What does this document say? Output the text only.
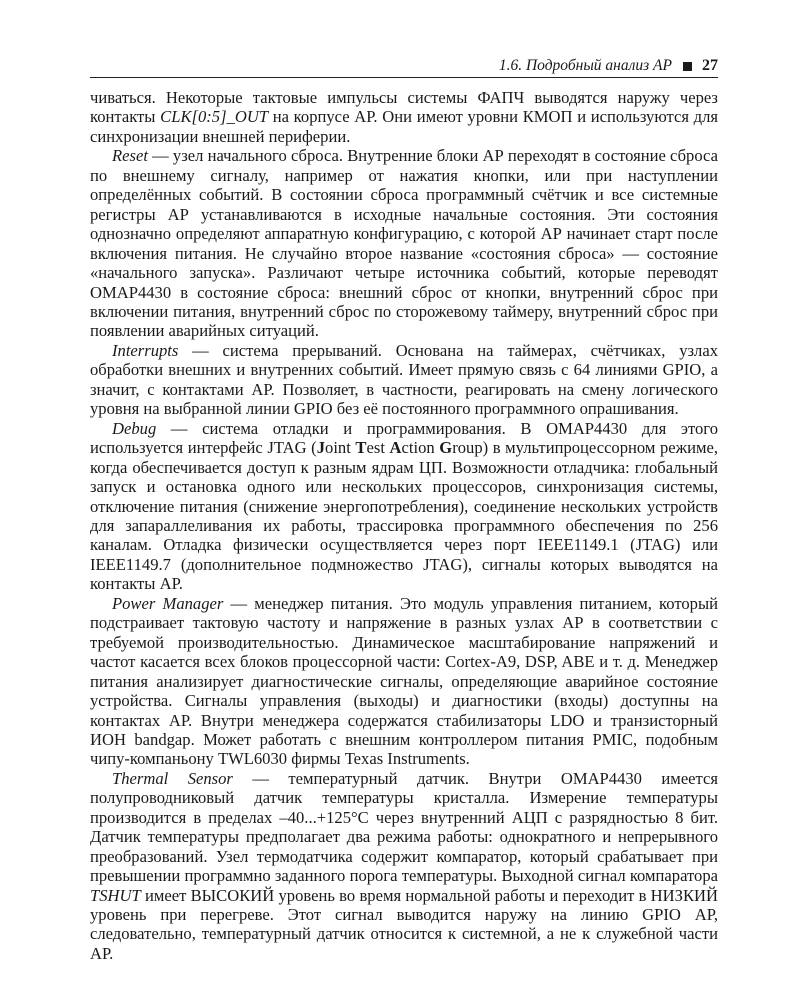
1.6. Подробный анализ АР 27

чиваться. Некоторые тактовые импульсы системы ФАПЧ выводятся наружу через контакты CLK[0:5]_OUT на корпусе АР. Они имеют уровни КМОП и используются для синхронизации внешней периферии.

Reset — узел начального сброса. Внутренние блоки АР переходят в состояние сброса по внешнему сигналу, например от нажатия кнопки, или при наступлении определённых событий. В состоянии сброса программный счётчик и все системные регистры АР устанавливаются в исходные начальные состояния. Эти состояния однозначно определяют аппаратную конфигурацию, с которой АР начинает старт после включения питания. Не случайно второе название «состояния сброса» — состояние «начального запуска». Различают четыре источника событий, которые переводят OMAP4430 в состояние сброса: внешний сброс от кнопки, внутренний сброс при включении питания, внутренний сброс по сторожевому таймеру, внутренний сброс при появлении аварийных ситуаций.

Interrupts — система прерываний. Основана на таймерах, счётчиках, узлах обработки внешних и внутренних событий. Имеет прямую связь с 64 линиями GPIO, а значит, с контактами АР. Позволяет, в частности, реагировать на смену логического уровня на выбранной линии GPIO без её постоянного программного опрашивания.

Debug — система отладки и программирования. В OMAP4430 для этого используется интерфейс JTAG (Joint Test Action Group) в мультипроцессорном режиме, когда обеспечивается доступ к разным ядрам ЦП. Возможности отладчика: глобальный запуск и остановка одного или нескольких процессоров, синхронизация системы, отключение питания (снижение энергопотребления), соединение нескольких устройств для запараллеливания их работы, трассировка программного обеспечения по 256 каналам. Отладка физически осуществляется через порт IEEE1149.1 (JTAG) или IEEE1149.7 (дополнительное подмножество JTAG), сигналы которых выводятся на контакты АР.

Power Manager — менеджер питания. Это модуль управления питанием, который подстраивает тактовую частоту и напряжение в разных узлах АР в соответствии с требуемой производительностью. Динамическое масштабирование напряжений и частот касается всех блоков процессорной части: Cortex-A9, DSP, ABE и т. д. Менеджер питания анализирует диагностические сигналы, определяющие аварийное состояние устройства. Сигналы управления (выходы) и диагностики (входы) доступны на контактах АР. Внутри менеджера содержатся стабилизаторы LDO и транзисторный ИОН bandgap. Может работать с внешним контроллером питания PMIC, подобным чипу-компаньону TWL6030 фирмы Texas Instruments.

Thermal Sensor — температурный датчик. Внутри OMAP4430 имеется полупроводниковый датчик температуры кристалла. Измерение температуры производится в пределах –40...+125°C через внутренний АЦП с разрядностью 8 бит. Датчик температуры предполагает два режима работы: однократного и непрерывного преобразований. Узел термодатчика содержит компаратор, который срабатывает при превышении программно заданного порога температуры. Выходной сигнал компаратора TSHUT имеет ВЫСОКИЙ уровень во время нормальной работы и переходит в НИЗКИЙ уровень при перегреве. Этот сигнал выводится наружу на линию GPIO АР, следовательно, температурный датчик относится к системной, а не к служебной части АР.
